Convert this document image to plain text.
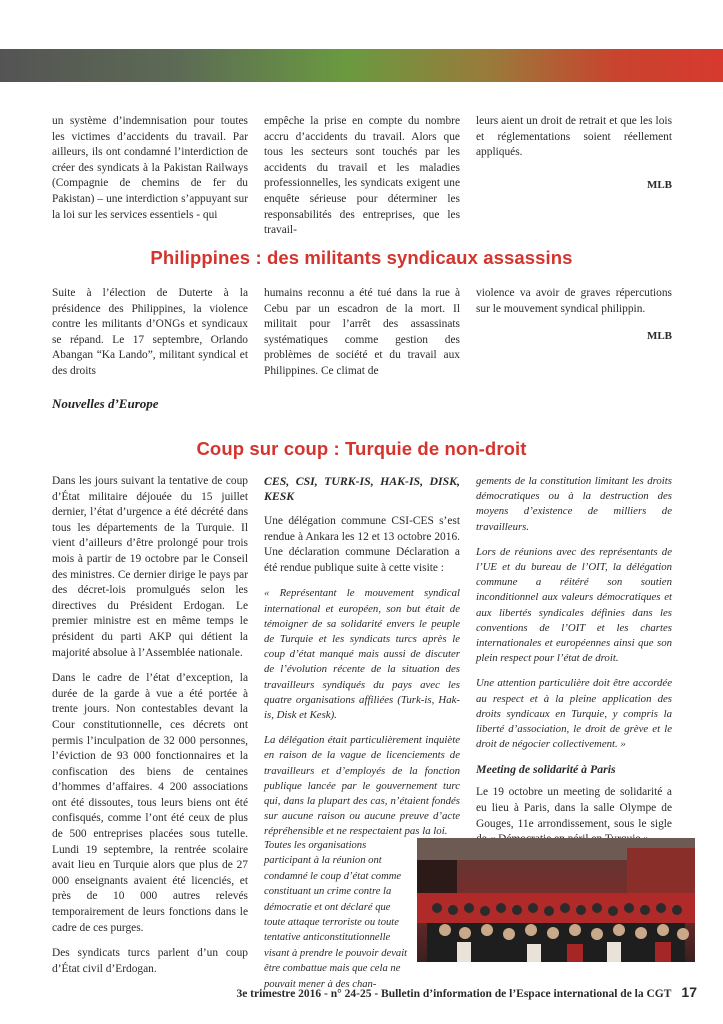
un système d’indemnisation pour toutes les victimes d’accidents du travail. Par ailleurs, ils ont condamné l’interdiction de créer des syndicats à la Pakistan Railways (Compagnie de chemins de fer du Pakistan) – une interdiction s’appuyant sur la loi sur les services essentiels - qui

empêche la prise en compte du nombre accru d’accidents du travail. Alors que tous les secteurs sont touchés par les accidents du travail et les maladies professionnelles, les syndicats exigent une enquête sérieuse pour déterminer les responsabilités des entreprises, que les travail-

leurs aient un droit de retrait et que les lois et réglementations soient réellement appliqués.

MLB

Philippines : des militants syndicaux assassins

Suite à l’élection de Duterte à la présidence des Philippines, la violence contre les militants d’ONGs et syndicaux se répand. Le 17 septembre, Orlando Abangan “Ka Lando”, militant syndical et des droits

humains reconnu a été tué dans la rue à Cebu par un escadron de la mort. Il militait pour l’arrêt des assassinats systématiques comme gestion des problèmes de société et du travail aux Philippines. Ce climat de

violence va avoir de graves répercutions sur le mouvement syndical philippin.

MLB

Nouvelles d’Europe
Coup sur coup : Turquie de non-droit

Dans les jours suivant la tentative de coup d’État militaire déjouée du 15 juillet dernier, l’état d’urgence a été décrété dans tous les départements de la Turquie. Il vient d’ailleurs d’être prolongé pour trois mois à partir de 19 octobre par le Conseil des ministres. Ce dernier dirige le pays par des décret-lois promulgués selon les directives du Président Erdogan. Le premier ministre est en même temps le président du parti AKP qui détient la majorité absolue à l’Assemblée nationale.

Dans le cadre de l’état d’exception, la durée de la garde à vue a été portée à trente jours. Non contestables devant la Cour constitutionnelle, ces décrets ont permis l’inculpation de 32 000 personnes, l’éviction de 93 000 fonctionnaires et la confiscation des biens de centaines d’hommes d’affaires. 4 200 associations ont été dissoutes, tous leurs biens ont été confisqués, comme l’ont été ceux de plus de 500 entreprises placées sous tutelle. Lundi 19 septembre, la rentrée scolaire avait lieu en Turquie alors que plus de 27 000 enseignants avaient été licenciés, et près de 10 000 autres relevés temporairement de leurs fonctions dans le cadre de ces purges.

Des syndicats turcs parlent d’un coup d’État civil d’Erdogan.

CES, CSI, TURK-IS, HAK-IS, DISK, KESK

Une délégation commune CSI-CES s’est rendue à Ankara les 12 et 13 octobre 2016. Une déclaration commune Déclaration a été rendue publique suite à cette visite :

« Représentant le mouvement syndical international et européen, son but était de témoigner de sa solidarité envers le peuple de Turquie et les syndicats turcs après le coup d’état manqué mais aussi de discuter de l’évolution récente de la situation des travailleurs syndiqués du pays avec les quatre organisations affiliées (Turk-is, Hak-is, Disk et Kesk).

La délégation était particulièrement inquiète en raison de la vague de licenciements de travailleurs et d’employés de la fonction publique lancée par le gouvernement turc qui, dans la plupart des cas, n’étaient fondés sur aucune raison ou aucune preuve d’acte répréhensible et ne respectaient pas la loi.

Toutes les organisations participant à la réunion ont condamné le coup d’état comme constituant un crime contre la démocratie et ont déclaré que toute attaque terroriste ou toute tentative anticonstitutionnelle visant à prendre le pouvoir devait être combattue mais que cela ne pouvait mener à des chan-

gements de la constitution limitant les droits démocratiques ou à la destruction des moyens d’existence de milliers de travailleurs.

Lors de réunions avec des représentants de l’UE et du bureau de l’OIT, la délégation commune a réitéré son soutien inconditionnel aux valeurs démocratiques et aux libertés syndicales définies dans les conventions de l’OIT et les chartes internationales et européennes ainsi que son plein respect pour l’état de droit.

Une attention particulière doit être accordée au respect et à la pleine application des droits syndicaux en Turquie, y compris la liberté d’association, le droit de grève et le droit de négocier collectivement. »

Meeting de solidarité à Paris

Le 19 octobre un meeting de solidarité a eu lieu à Paris, dans la salle Olympe de Gouges, 11e arrondissement, sous le sigle

3e trimestre 2016 - n° 24-25 - Bulletin d’information de l’Espace international de la CGT 17
